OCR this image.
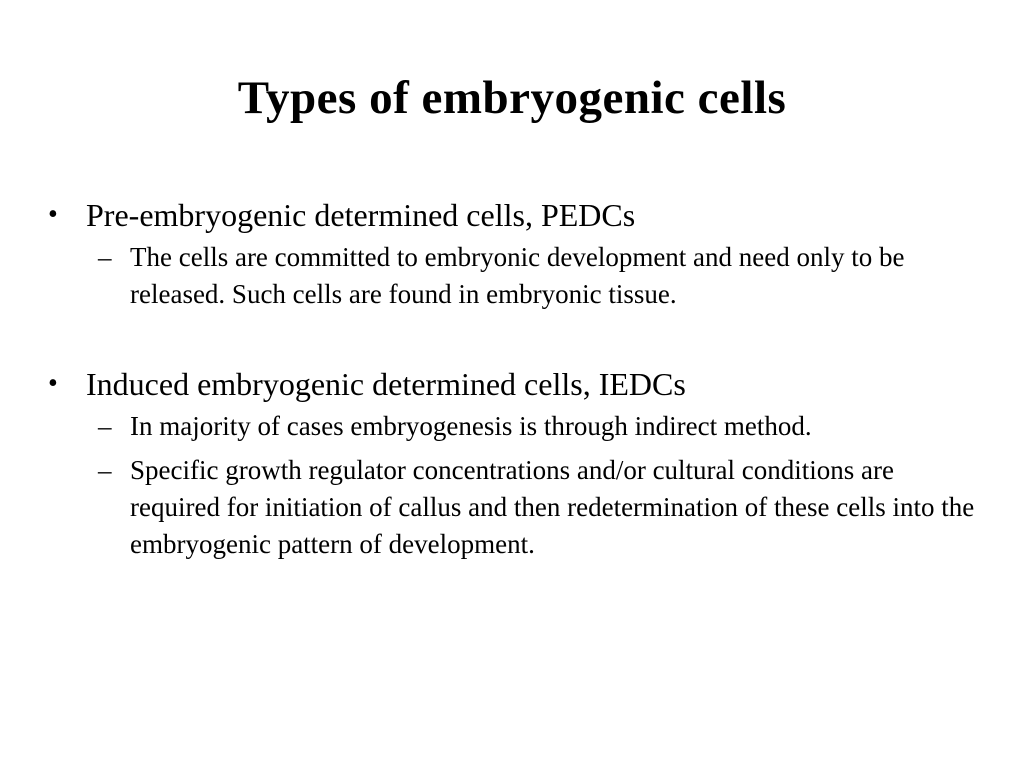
Types of embryogenic cells
• Pre-embryogenic determined cells, PEDCs
– The cells are committed to embryonic development and need only to be released. Such cells are found in embryonic tissue.
• Induced embryogenic determined cells, IEDCs
– In majority of cases embryogenesis is through indirect method.
– Specific growth regulator concentrations and/or cultural conditions are required for initiation of callus and then redetermination of these cells into the embryogenic pattern of development.
